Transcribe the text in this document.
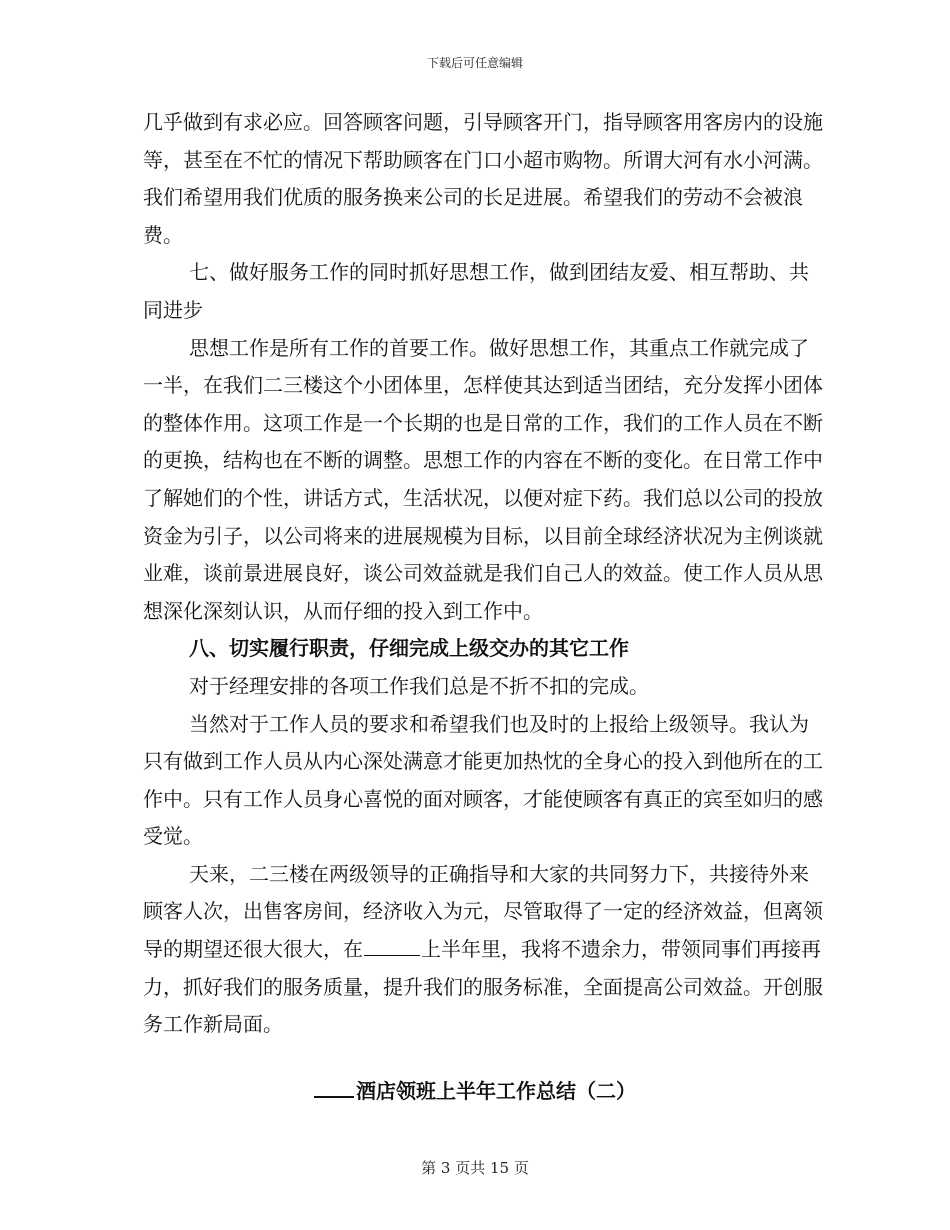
下载后可任意编辑

几乎做到有求必应。回答顾客问题，引导顾客开门，指导顾客用客房内的设施等，甚至在不忙的情况下帮助顾客在门口小超市购物。所谓大河有水小河满。我们希望用我们优质的服务换来公司的长足进展。希望我们的劳动不会被浪费。

七、做好服务工作的同时抓好思想工作，做到团结友爱、相互帮助、共同进步

思想工作是所有工作的首要工作。做好思想工作，其重点工作就完成了一半，在我们二三楼这个小团体里，怎样使其达到适当团结，充分发挥小团体的整体作用。这项工作是一个长期的也是日常的工作，我们的工作人员在不断的更换，结构也在不断的调整。思想工作的内容在不断的变化。在日常工作中了解她们的个性，讲话方式，生活状况，以便对症下药。我们总以公司的投放资金为引子，以公司将来的进展规模为目标，以目前全球经济状况为主例谈就业难，谈前景进展良好，谈公司效益就是我们自己人的效益。使工作人员从思想深化深刻认识，从而仔细的投入到工作中。

八、切实履行职责，仔细完成上级交办的其它工作

对于经理安排的各项工作我们总是不折不扣的完成。

当然对于工作人员的要求和希望我们也及时的上报给上级领导。我认为只有做到工作人员从内心深处满意才能更加热忱的全身心的投入到他所在的工作中。只有工作人员身心喜悦的面对顾客，才能使顾客有真正的宾至如归的感受觉。

天来，二三楼在两级领导的正确指导和大家的共同努力下，共接待外来顾客人次，出售客房间，经济收入为元，尽管取得了一定的经济效益，但离领导的期望还很大很大，在	上半年里，我将不遗余力，带领同事们再接再力，抓好我们的服务质量，提升我们的服务标准，全面提高公司效益。开创服务工作新局面。

酒店领班上半年工作总结（二）
第 3 页共 15 页
